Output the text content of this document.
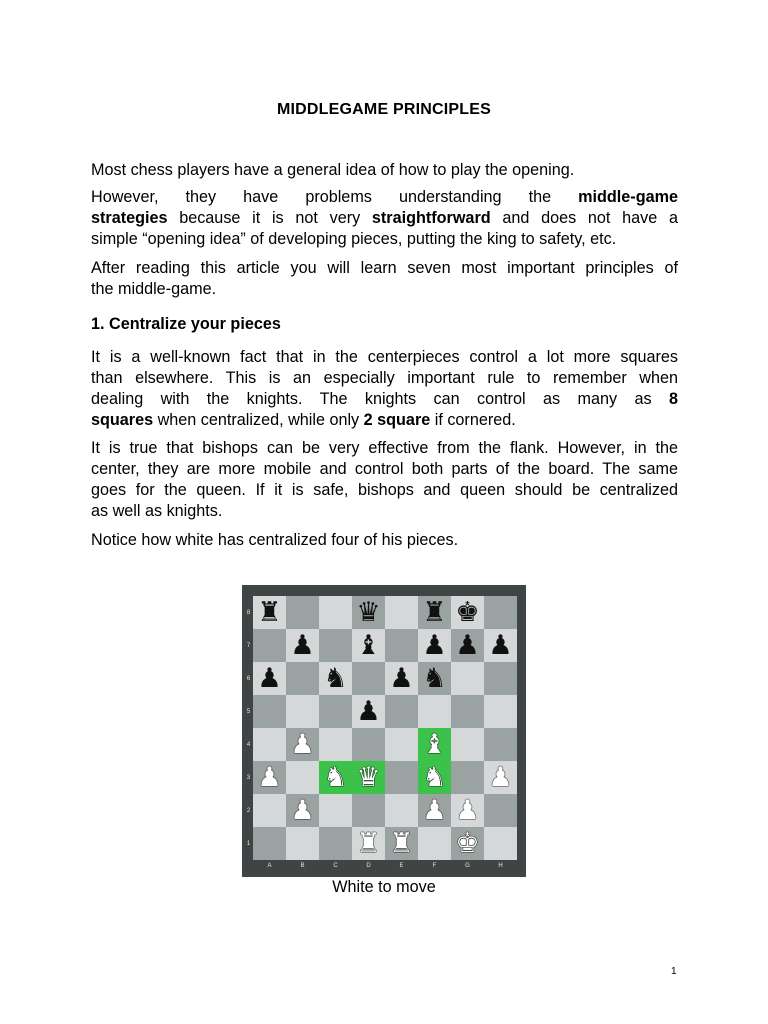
MIDDLEGAME PRINCIPLES
Most chess players have a general idea of how to play the opening.
However, they have problems understanding the middle-game
strategies because it is not very straightforward and does not have a
simple “opening idea” of developing pieces, putting the king to safety, etc.
After reading this article you will learn seven most important principles of
the middle-game.
1. Centralize your pieces
It is a well-known fact that in the centerpieces control a lot more squares
than elsewhere. This is an especially important rule to remember when
dealing with the knights. The knights can control as many as 8
squares when centralized, while only 2 square if cornered.
It is true that bishops can be very effective from the flank. However, in the
center, they are more mobile and control both parts of the board. The same
goes for the queen. If it is safe, bishops and queen should be centralized
as well as knights.
Notice how white has centralized four of his pieces.
♜	♛ ♜ ♚
♟ ♝ ♟ ♟ ♟
♟ ♞ ♟ ♞
♟
♟	♝
♟ ♞ ♛ ♞ ♟
♟	♟ ♟
♜ ♜ ♚
8
7
6
5
4
3
2
1
A	B	C	D	E	F	G	H
White to move
1
